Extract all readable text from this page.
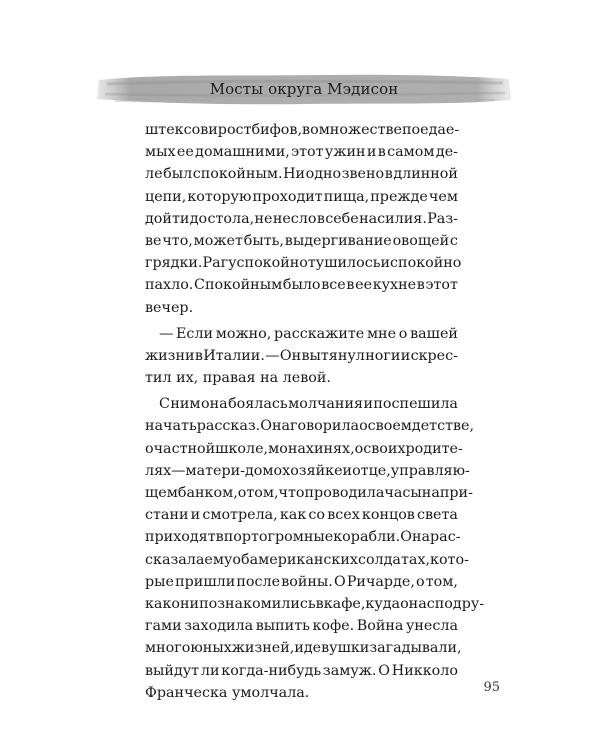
Мосты округа Мэдисон
штексов и ростбифов, во множестве поедае-
мых ее домашними, этот ужин и в самом де-
ле был спокойным. Ни одно звено в длинной
цепи, которую проходит пища, прежде чем
дойти до стола, не несло в себе насилия. Раз-
ве что, может быть, выдергивание овощей с
грядки. Рагу спокойно тушилось и спокойно
пахло. Спокойным было все в ее кухне в этот
вечер.
— Если можно, расскажите мне о вашей
жизни в Италии. — Он вытянул ноги и скрес-
тил их, правая на левой.
С ним она боялась молчания и поспешила
начать рассказ. Она говорила о своем детстве,
о частной школе, монахинях, о своих родите-
лях — матери-домохозяйке и отце, управляю-
щем банком, о том, что проводила часы на при-
стани и смотрела, как со всех концов света
приходят в порт огромные корабли. Она рас-
сказала ему об американских солдатах, кото-
рые пришли после войны. О Ричарде, о том,
как они познакомились в кафе, куда она с подру-
гами заходила выпить кофе. Война унесла
много юных жизней, и девушки загадывали,
выйдут ли когда-нибудь замуж. О Никколо
Франческа умолчала.	95
